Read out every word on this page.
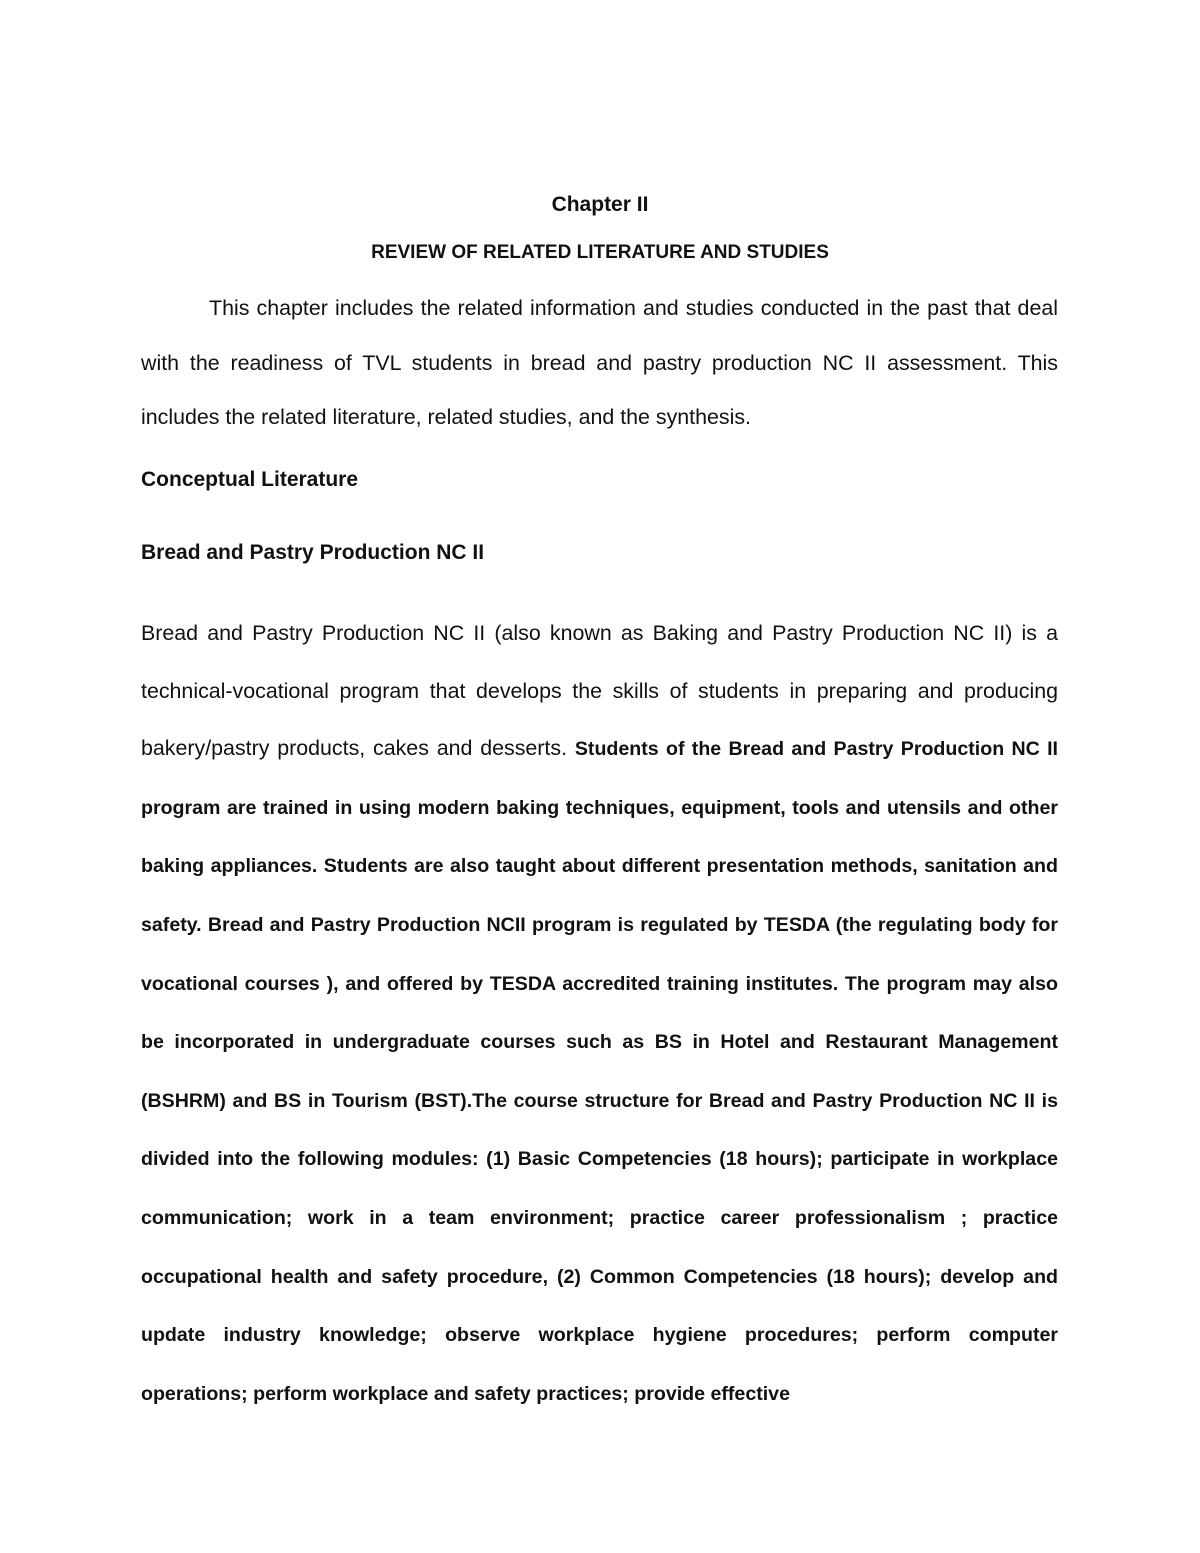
Chapter II
REVIEW OF RELATED LITERATURE AND STUDIES

This chapter includes the related information and studies conducted in the past that deal with the readiness of TVL students in bread and pastry production NC II assessment. This includes the related literature, related studies, and the synthesis.

Conceptual Literature
Bread and Pastry Production NC II

Bread and Pastry Production NC II (also known as Baking and Pastry Production NC II) is a technical-vocational program that develops the skills of students in preparing and producing bakery/pastry products, cakes and desserts. Students of the Bread and Pastry Production NC II program are trained in using modern baking techniques, equipment, tools and utensils and other baking appliances. Students are also taught about different presentation methods, sanitation and safety. Bread and Pastry Production NCII program is regulated by TESDA (the regulating body for vocational courses ), and offered by TESDA accredited training institutes. The program may also be incorporated in undergraduate courses such as BS in Hotel and Restaurant Management (BSHRM) and BS in Tourism (BST).The course structure for Bread and Pastry Production NC II is divided into the following modules: (1) Basic Competencies (18 hours); participate in workplace communication; work in a team environment; practice career professionalism ; practice occupational health and safety procedure, (2) Common Competencies (18 hours); develop and update industry knowledge; observe workplace hygiene procedures; perform computer operations; perform workplace and safety practices; provide effective
